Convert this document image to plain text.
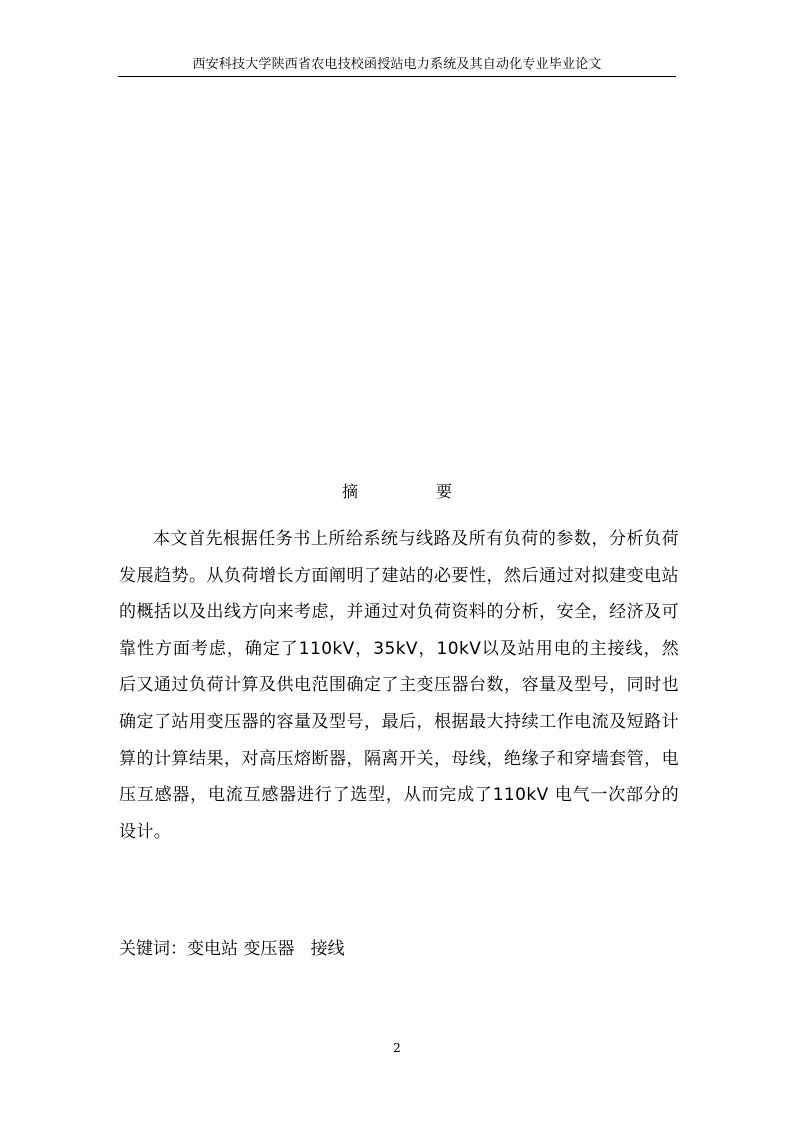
西安科技大学陕西省农电技校函授站电力系统及其自动化专业毕业论文
摘	要

本文首先根据任务书上所给系统与线路及所有负荷的参数，分析负荷发展趋势。从负荷增长方面阐明了建站的必要性，然后通过对拟建变电站的概括以及出线方向来考虑，并通过对负荷资料的分析，安全，经济及可靠性方面考虑，确定了110kV，35kV，10kV以及站用电的主接线，然后又通过负荷计算及供电范围确定了主变压器台数，容量及型号，同时也确定了站用变压器的容量及型号，最后，根据最大持续工作电流及短路计算的计算结果，对高压熔断器，隔离开关，母线，绝缘子和穿墙套管，电压互感器，电流互感器进行了选型，从而完成了110kV 电气一次部分的设计。

关键词：变电站 变压器   接线
2
